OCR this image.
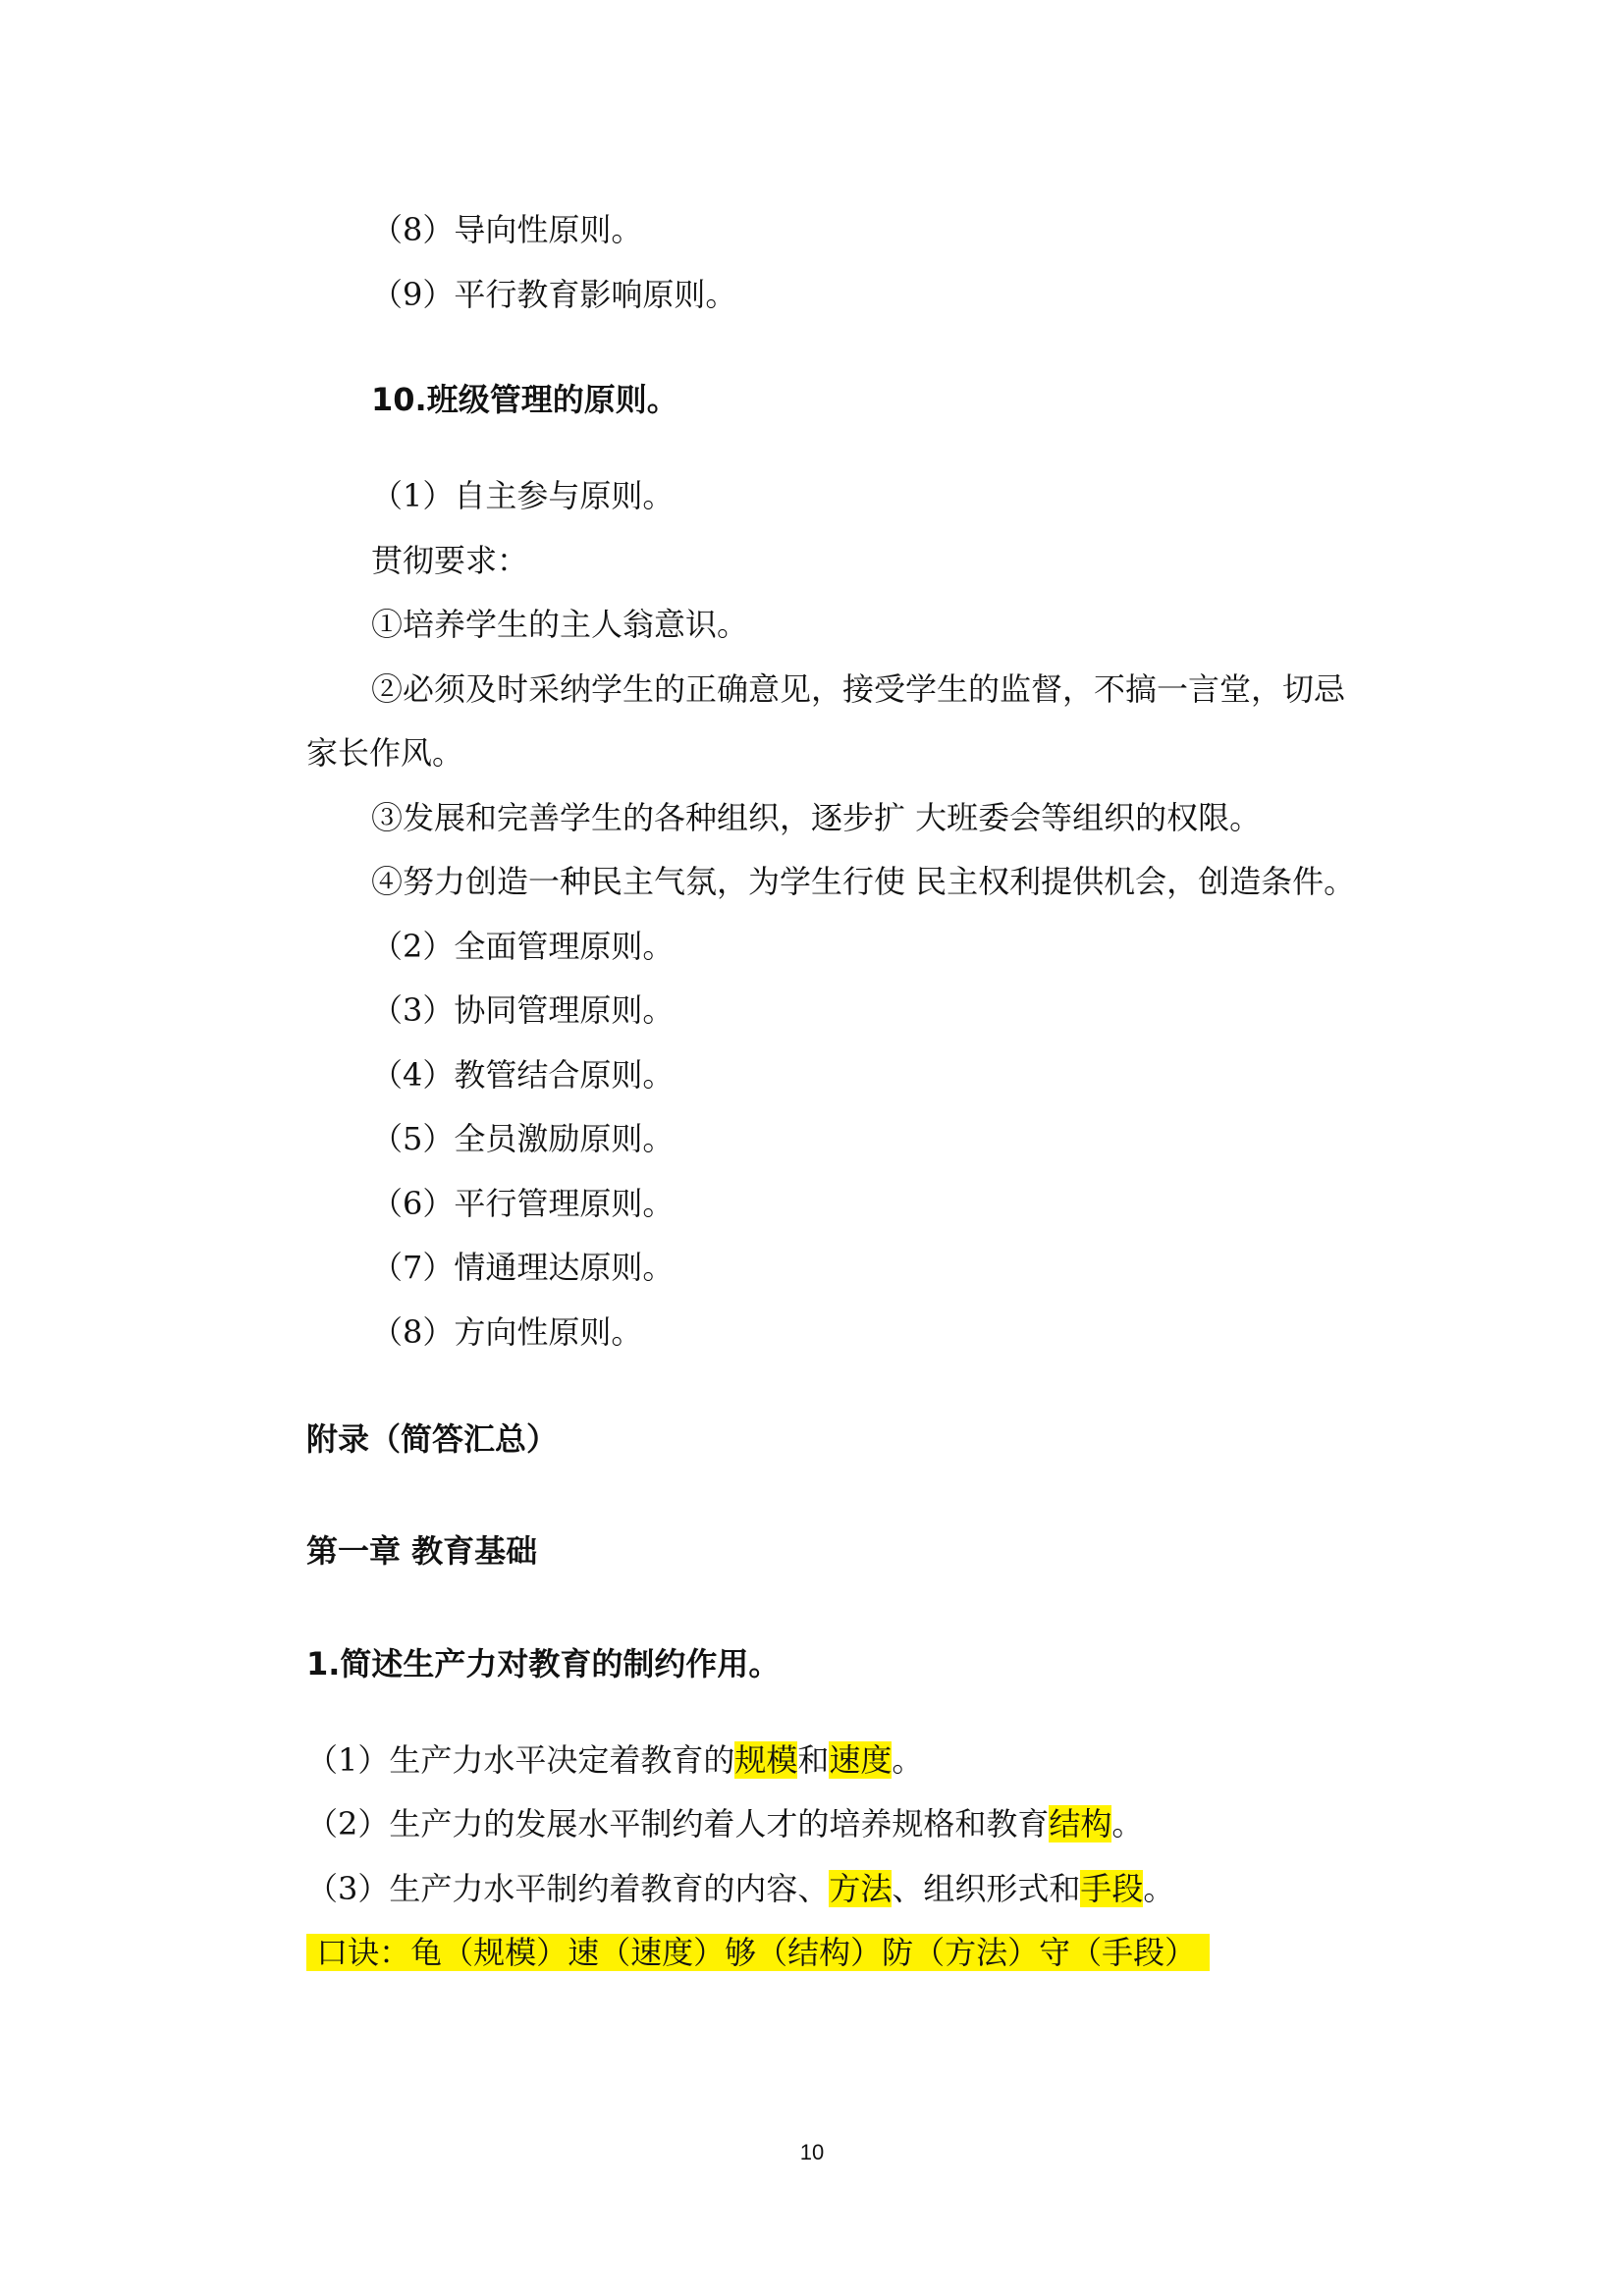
（8）导向性原则。
（9）平行教育影响原则。
10.班级管理的原则。
（1）自主参与原则。
贯彻要求：
①培养学生的主人翁意识。
②必须及时采纳学生的正确意见，接受学生的监督，不搞一言堂，切忌
家长作风。
③发展和完善学生的各种组织，逐步扩 大班委会等组织的权限。
④努力创造一种民主气氛，为学生行使 民主权利提供机会，创造条件。
（2）全面管理原则。
（3）协同管理原则。
（4）教管结合原则。
（5）全员激励原则。
（6）平行管理原则。
（7）情通理达原则。
（8）方向性原则。
附录（简答汇总）
第一章 教育基础
1.简述生产力对教育的制约作用。
（1）生产力水平决定着教育的规模和速度。
（2）生产力的发展水平制约着人才的培养规格和教育结构。
（3）生产力水平制约着教育的内容、方法、组织形式和手段。
口诀：龟（规模）速（速度）够（结构）防（方法）守（手段）
10
